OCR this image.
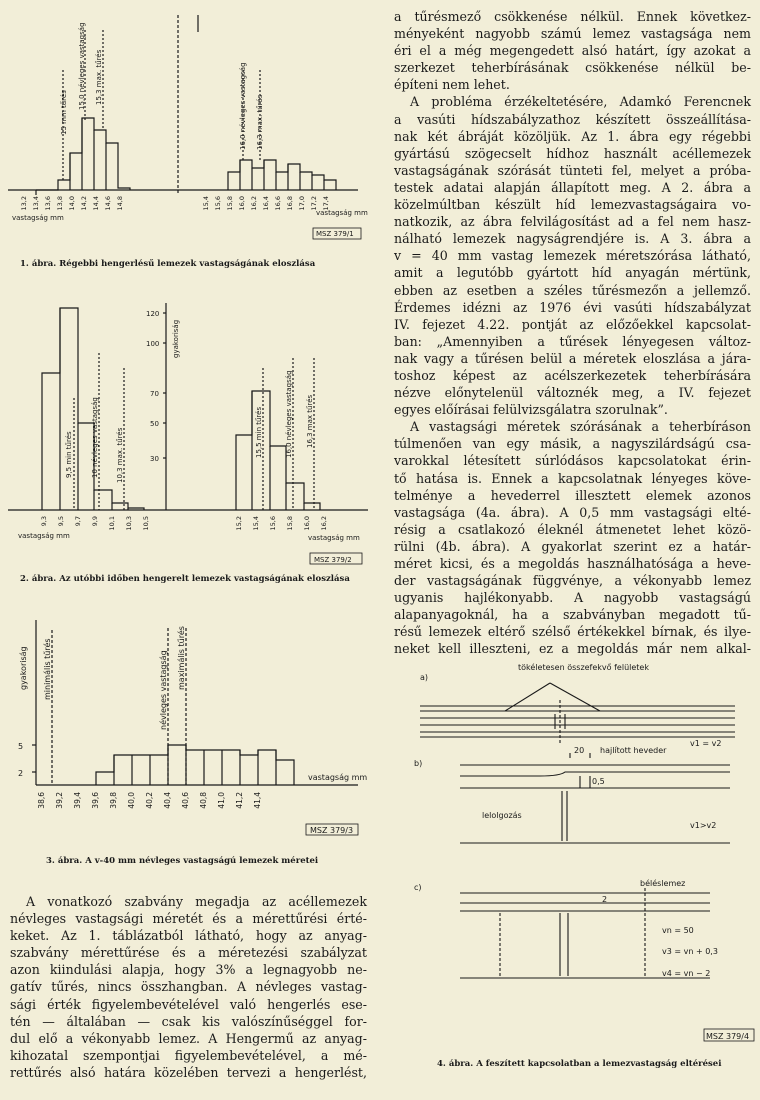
15 mm tűrés
15,0 névleges vastagság 15,3 max. tűrés	16,0 névleges vastagság 16,3 max. tűrés
vastagság mm
vastagság mm
MSZ 379/1
13,2 13,4 13,6 13,8 14,0 14,2 14,4 14,6 14,8	15,4 15,6 15,8 16,0 16,2 16,4 16,6 16,8 17,0 17,2 17,4
1. ábra. Régebbi hengerlésű lemezek vastagságának eloszlása
120
100
70
50
30
gyakoriság
9,5 min tűrés	10 névleges vastagság 10,3 max. tűrés	15,5 min tűrés	16,0 névleges vastagság 16,3 max tűrés
vastagság mm	vastagság mm
MSZ 379/2
9,3 9,5 9,7 9,9 10,1 10,3 10,5	15,2 15,4 15,6 15,8 16,0 16,2
2. ábra. Az utóbbi időben hengerelt lemezek vastagságának eloszlása
gyakoriság
5
2
minimális tűrés	névleges vastagság maximális tűrés
vastagság mm
MSZ 379/3
38,6 39,2 39,4 39,6 39,8 40,0 40,2 40,4 40,6 40,8 41,0 41,2 41,4
3. ábra. A v-40 mm névleges vastagságú lemezek méretei
a)
tökéletesen összefekvő felületek
v1 = v2
b)
20 hajlított heveder
0,5
lelolgozás
v1>v2
c)	béléslemez
2
vn = 50
v3 = vn + 0,3
v4 = vn − 2
MSZ 379/4
4. ábra. A feszített kapcsolatban a lemezvastagság eltérései
a tűrésmező csökkenése nélkül. Ennek következ-
ményeként nagyobb számú lemez vastagsága nem
éri el a még megengedett alsó határt, így azokat a
szerkezet teherbírásának csökkenése nélkül be-
építeni nem lehet.
A probléma érzékeltetésére, Adamkó Ferencnek
a vasúti hídszabályzathoz készített összeállítása-
nak két ábráját közöljük. Az 1. ábra egy régebbi
gyártású szögecselt hídhoz használt acéllemezek
vastagságának szórását tünteti fel, melyet a próba-
testek adatai alapján állapított meg. A 2. ábra a
közelmúltban készült híd lemezvastagságaira vo-
natkozik, az ábra felvilágosítást ad a fel nem hasz-
nálható lemezek nagyságrendjére is. A 3. ábra a
v = 40 mm vastag lemezek méretszórása látható,
amit a legutóbb gyártott híd anyagán mértünk,
ebben az esetben a széles tűrésmezőn a jellemző.
Érdemes idézni az 1976 évi vasúti hídszabályzat
IV. fejezet 4.22. pontját az előzőekkel kapcsolat-
ban: „Amennyiben a tűrések lényegesen változ-
nak vagy a tűrésen belül a méretek eloszlása a jára-
toshoz képest az acélszerkezetek teherbírására
nézve előnytelenül változnék meg, a IV. fejezet
egyes előírásai felülvizsgálatra szorulnak”.
A vastagsági méretek szórásának a teherbíráson
túlmenően van egy másik, a nagyszilárdságú csa-
varokkal létesített súrlódásos kapcsolatokat érin-
tő hatása is. Ennek a kapcsolatnak lényeges köve-
telménye a hevederrel illesztett elemek azonos
vastagsága (4a. ábra). A 0,5 mm vastagsági elté-
résig a csatlakozó éleknél átmenetet lehet közö-
rülni (4b. ábra). A gyakorlat szerint ez a határ-
méret kicsi, és a megoldás használhatósága a heve-
der vastagságának függvénye, a vékonyabb lemez
ugyanis hajlékonyabb. A nagyobb vastagságú
alapanyagoknál, ha a szabványban megadott tű-
résű lemezek eltérő szélső értékekkel bírnak, és ilye-
neket kell illeszteni, ez a megoldás már nem alkal-
A vonatkozó szabvány megadja az acéllemezek
névleges vastagsági méretét és a mérettűrési érté-
keket. Az 1. táblázatból látható, hogy az anyag-
szabvány mérettűrése és a méretezési szabályzat
azon kiindulási alapja, hogy 3% a legnagyobb ne-
gatív tűrés, nincs összhangban. A névleges vastag-
sági érték figyelembevételével való hengerlés ese-
tén — általában — csak kis valószínűséggel for-
dul elő a vékonyabb lemez. A Hengermű az anyag-
kihozatal szempontjai figyelembevételével, a mé-
rettűrés alsó határa közelében tervezi a hengerlést,
